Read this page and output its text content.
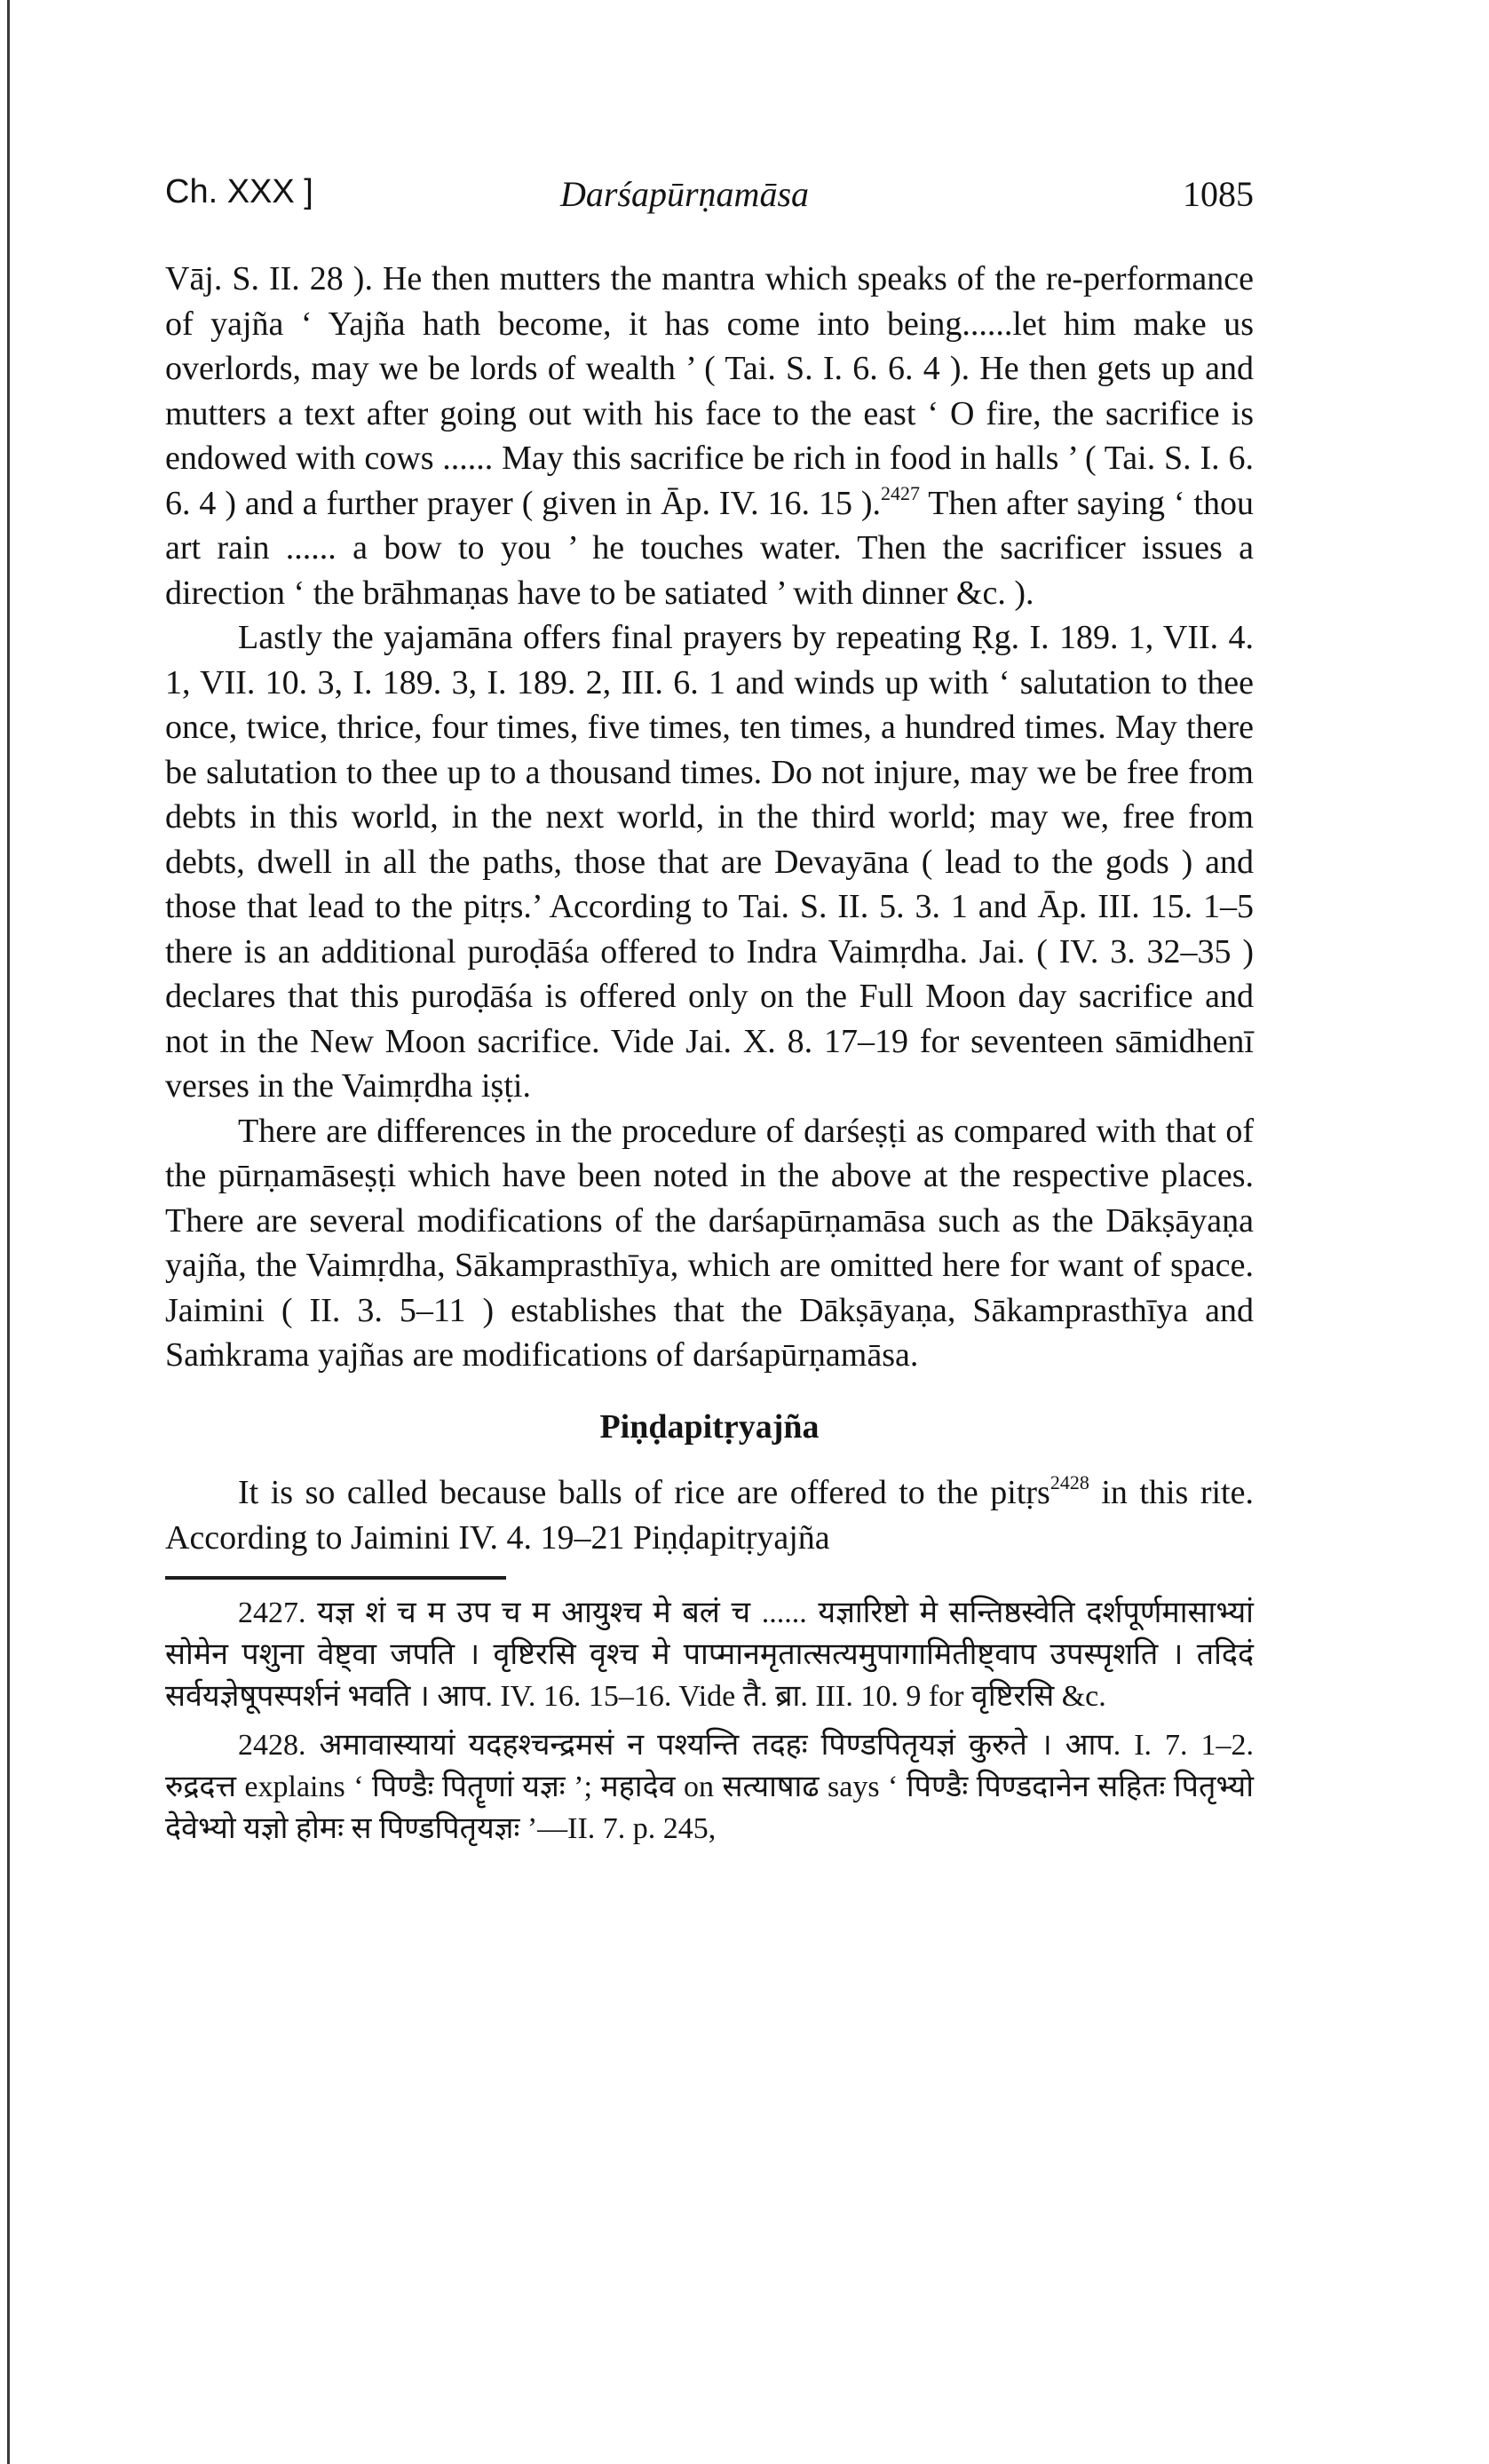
Ch. XXX ]	Darśapūrṇamāsa	1085

Vāj. S. II. 28 ). He then mutters the mantra which speaks of the re-performance of yajña ‘ Yajña hath become, it has come into being......let him make us overlords, may we be lords of wealth ’ ( Tai. S. I. 6. 6. 4 ). He then gets up and mutters a text after going out with his face to the east ‘ O fire, the sacrifice is endowed with cows ...... May this sacrifice be rich in food in halls ’ ( Tai. S. I. 6. 6. 4 ) and a further prayer ( given in Āp. IV. 16. 15 ).$^{2427}$ Then after saying ‘ thou art rain ...... a bow to you ’ he touches water. Then the sacrificer issues a direction ‘ the brāhmaṇas have to be satiated ’ with dinner &c. ).

Lastly the yajamāna offers final prayers by repeating Ṛg. I. 189. 1, VII. 4. 1, VII. 10. 3, I. 189. 3, I. 189. 2, III. 6. 1 and winds up with ‘ salutation to thee once, twice, thrice, four times, five times, ten times, a hundred times. May there be salutation to thee up to a thousand times. Do not injure, may we be free from debts in this world, in the next world, in the third world; may we, free from debts, dwell in all the paths, those that are Devayāna ( lead to the gods ) and those that lead to the pitṛs.’ According to Tai. S. II. 5. 3. 1 and Āp. III. 15. 1–5 there is an additional puroḍāśa offered to Indra Vaimṛdha. Jai. ( IV. 3. 32–35 ) declares that this puroḍāśa is offered only on the Full Moon day sacrifice and not in the New Moon sacrifice. Vide Jai. X. 8. 17–19 for seventeen sāmidhenī verses in the Vaimṛdha iṣṭi.

There are differences in the procedure of darśeṣṭi as compared with that of the pūrṇamāseṣṭi which have been noted in the above at the respective places. There are several modifications of the darśapūrṇamāsa such as the Dākṣāyaṇa yajña, the Vaimṛdha, Sākamprasthīya, which are omitted here for want of space. Jaimini ( II. 3. 5–11 ) establishes that the Dākṣāyaṇa, Sākamprasthīya and Saṁkrama yajñas are modifications of darśapūrṇamāsa.

Piṇḍapitṛyajña

It is so called because balls of rice are offered to the pitṛs$^{2428}$ in this rite. According to Jaimini IV. 4. 19–21 Piṇḍapitṛyajña

2427. यज्ञ शं च म उप च म आयुश्च मे बलं च ...... यज्ञारिष्टो मे सन्तिष्ठस्वेति दर्शपूर्णमासाभ्यां सोमेन पशुना वेष्ट्वा जपति । वृष्टिरसि वृश्च मे पाप्मानमृतात्सत्यमुपागामितीष्ट्वाप उपस्पृशति । तदिदं सर्वयज्ञेषूपस्पर्शनं भवति । आप. IV. 16. 15–16. Vide तै. ब्रा. III. 10. 9 for वृष्टिरसि &c.

2428. अमावास्यायां यदहश्चन्द्रमसं न पश्यन्ति तदहः पिण्डपितृयज्ञं कुरुते । आप. I. 7. 1–2. रुद्रदत्त explains ‘ पिण्डैः पितॄणां यज्ञः ’; महादेव on सत्याषाढ says ‘ पिण्डैः पिण्डदानेन सहितः पितृभ्यो देवेभ्यो यज्ञो होमः स पिण्डपितृयज्ञः ’—II. 7. p. 245,
